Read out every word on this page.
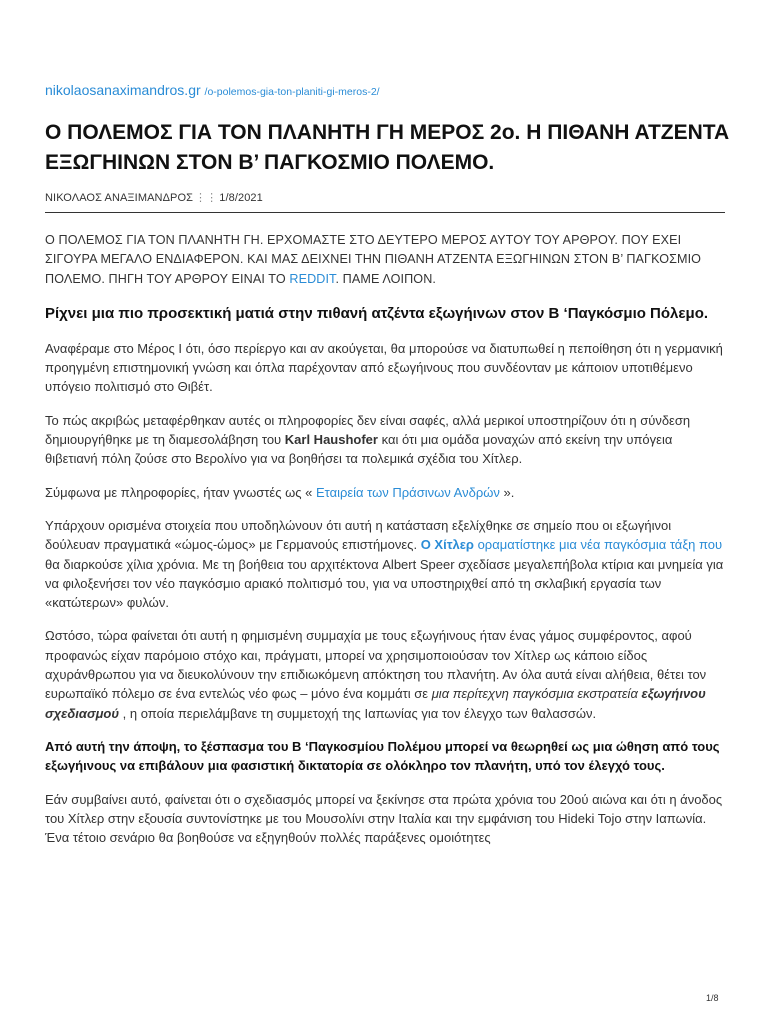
nikolaosanaximandros.gr /o-polemos-gia-ton-planiti-gi-meros-2/
Ο ΠΟΛΕΜΟΣ ΓΙΑ ΤΟΝ ΠΛΑΝΗΤΗ ΓΗ ΜΕΡΟΣ 2ο. Η ΠΙΘΑΝΗ ΑΤΖΕΝΤΑ ΕΞΩΓΗΙΝΩΝ ΣΤΟΝ Β’ ΠΑΓΚΟΣΜΙΟ ΠΟΛΕΜΟ.
ΝΙΚΟΛΑΟΣ ΑΝΑΞΙΜΑΝΔΡΟΣ ⋮⋮ 1/8/2021

Ο ΠΟΛΕΜΟΣ ΓΙΑ ΤΟΝ ΠΛΑΝΗΤΗ ΓΗ. ΕΡΧΟΜΑΣΤΕ ΣΤΟ ΔΕΥΤΕΡΟ ΜΕΡΟΣ ΑΥΤΟΥ ΤΟΥ ΑΡΘΡΟΥ. ΠΟΥ ΕΧΕΙ ΣΙΓΟΥΡΑ ΜΕΓΑΛΟ ΕΝΔΙΑΦΕΡΟΝ. ΚΑΙ ΜΑΣ ΔΕΙΧΝΕΙ ΤΗΝ ΠΙΘΑΝΗ ΑΤΖΕΝΤΑ ΕΞΩΓΗΙΝΩΝ ΣΤΟΝ Β’ ΠΑΓΚΟΣΜΙΟ ΠΟΛΕΜΟ. ΠΗΓΗ ΤΟΥ ΑΡΘΡΟΥ ΕΙΝΑΙ ΤΟ REDDIT. ΠΑΜΕ ΛΟΙΠΟΝ.

Ρίχνει μια πιο προσεκτική ματιά στην πιθανή ατζέντα εξωγήινων στον Β ‘Παγκόσμιο Πόλεμο.

Αναφέραμε στο Μέρος I ότι, όσο περίεργο και αν ακούγεται, θα μπορούσε να διατυπωθεί η πεποίθηση ότι η γερμανική προηγμένη επιστημονική γνώση και όπλα παρέχονταν από εξωγήινους που συνδέονταν με κάποιον υποτιθέμενο υπόγειο πολιτισμό στο Θιβέτ.

Το πώς ακριβώς μεταφέρθηκαν αυτές οι πληροφορίες δεν είναι σαφές, αλλά μερικοί υποστηρίζουν ότι η σύνδεση δημιουργήθηκε με τη διαμεσολάβηση του Karl Haushofer και ότι μια ομάδα μοναχών από εκείνη την υπόγεια θιβετιανή πόλη ζούσε στο Βερολίνο για να βοηθήσει τα πολεμικά σχέδια του Χίτλερ.

Σύμφωνα με πληροφορίες, ήταν γνωστές ως « Εταιρεία των Πράσινων Ανδρών ».

Υπάρχουν ορισμένα στοιχεία που υποδηλώνουν ότι αυτή η κατάσταση εξελίχθηκε σε σημείο που οι εξωγήινοι δούλευαν πραγματικά «ώμος-ώμος» με Γερμανούς επιστήμονες. Ο Χίτλερ οραματίστηκε μια νέα παγκόσμια τάξη που θα διαρκούσε χίλια χρόνια. Με τη βοήθεια του αρχιτέκτονα Albert Speer σχεδίασε μεγαλεπήβολα κτίρια και μνημεία για να φιλοξενήσει τον νέο παγκόσμιο αριακό πολιτισμό του, για να υποστηριχθεί από τη σκλαβική εργασία των «κατώτερων» φυλών.

Ωστόσο, τώρα φαίνεται ότι αυτή η φημισμένη συμμαχία με τους εξωγήινους ήταν ένας γάμος συμφέροντος, αφού προφανώς είχαν παρόμοιο στόχο και, πράγματι, μπορεί να χρησιμοποιούσαν τον Χίτλερ ως κάποιο είδος αχυράνθρωπου για να διευκολύνουν την επιδιωκόμενη απόκτηση του πλανήτη. Αν όλα αυτά είναι αλήθεια, θέτει τον ευρωπαϊκό πόλεμο σε ένα εντελώς νέο φως – μόνο ένα κομμάτι σε μια περίτεχνη παγκόσμια εκστρατεία εξωγήινου σχεδιασμού , η οποία περιελάμβανε τη συμμετοχή της Ιαπωνίας για τον έλεγχο των θαλασσών.

Από αυτή την άποψη, το ξέσπασμα του Β ‘Παγκοσμίου Πολέμου μπορεί να θεωρηθεί ως μια ώθηση από τους εξωγήινους να επιβάλουν μια φασιστική δικτατορία σε ολόκληρο τον πλανήτη, υπό τον έλεγχό τους.

Εάν συμβαίνει αυτό, φαίνεται ότι ο σχεδιασμός μπορεί να ξεκίνησε στα πρώτα χρόνια του 20ού αιώνα και ότι η άνοδος του Χίτλερ στην εξουσία συντονίστηκε με του Μουσολίνι στην Ιταλία και την εμφάνιση του Hideki Tojo στην Ιαπωνία. Ένα τέτοιο σενάριο θα βοηθούσε να εξηγηθούν πολλές παράξενες ομοιότητες

1/8
